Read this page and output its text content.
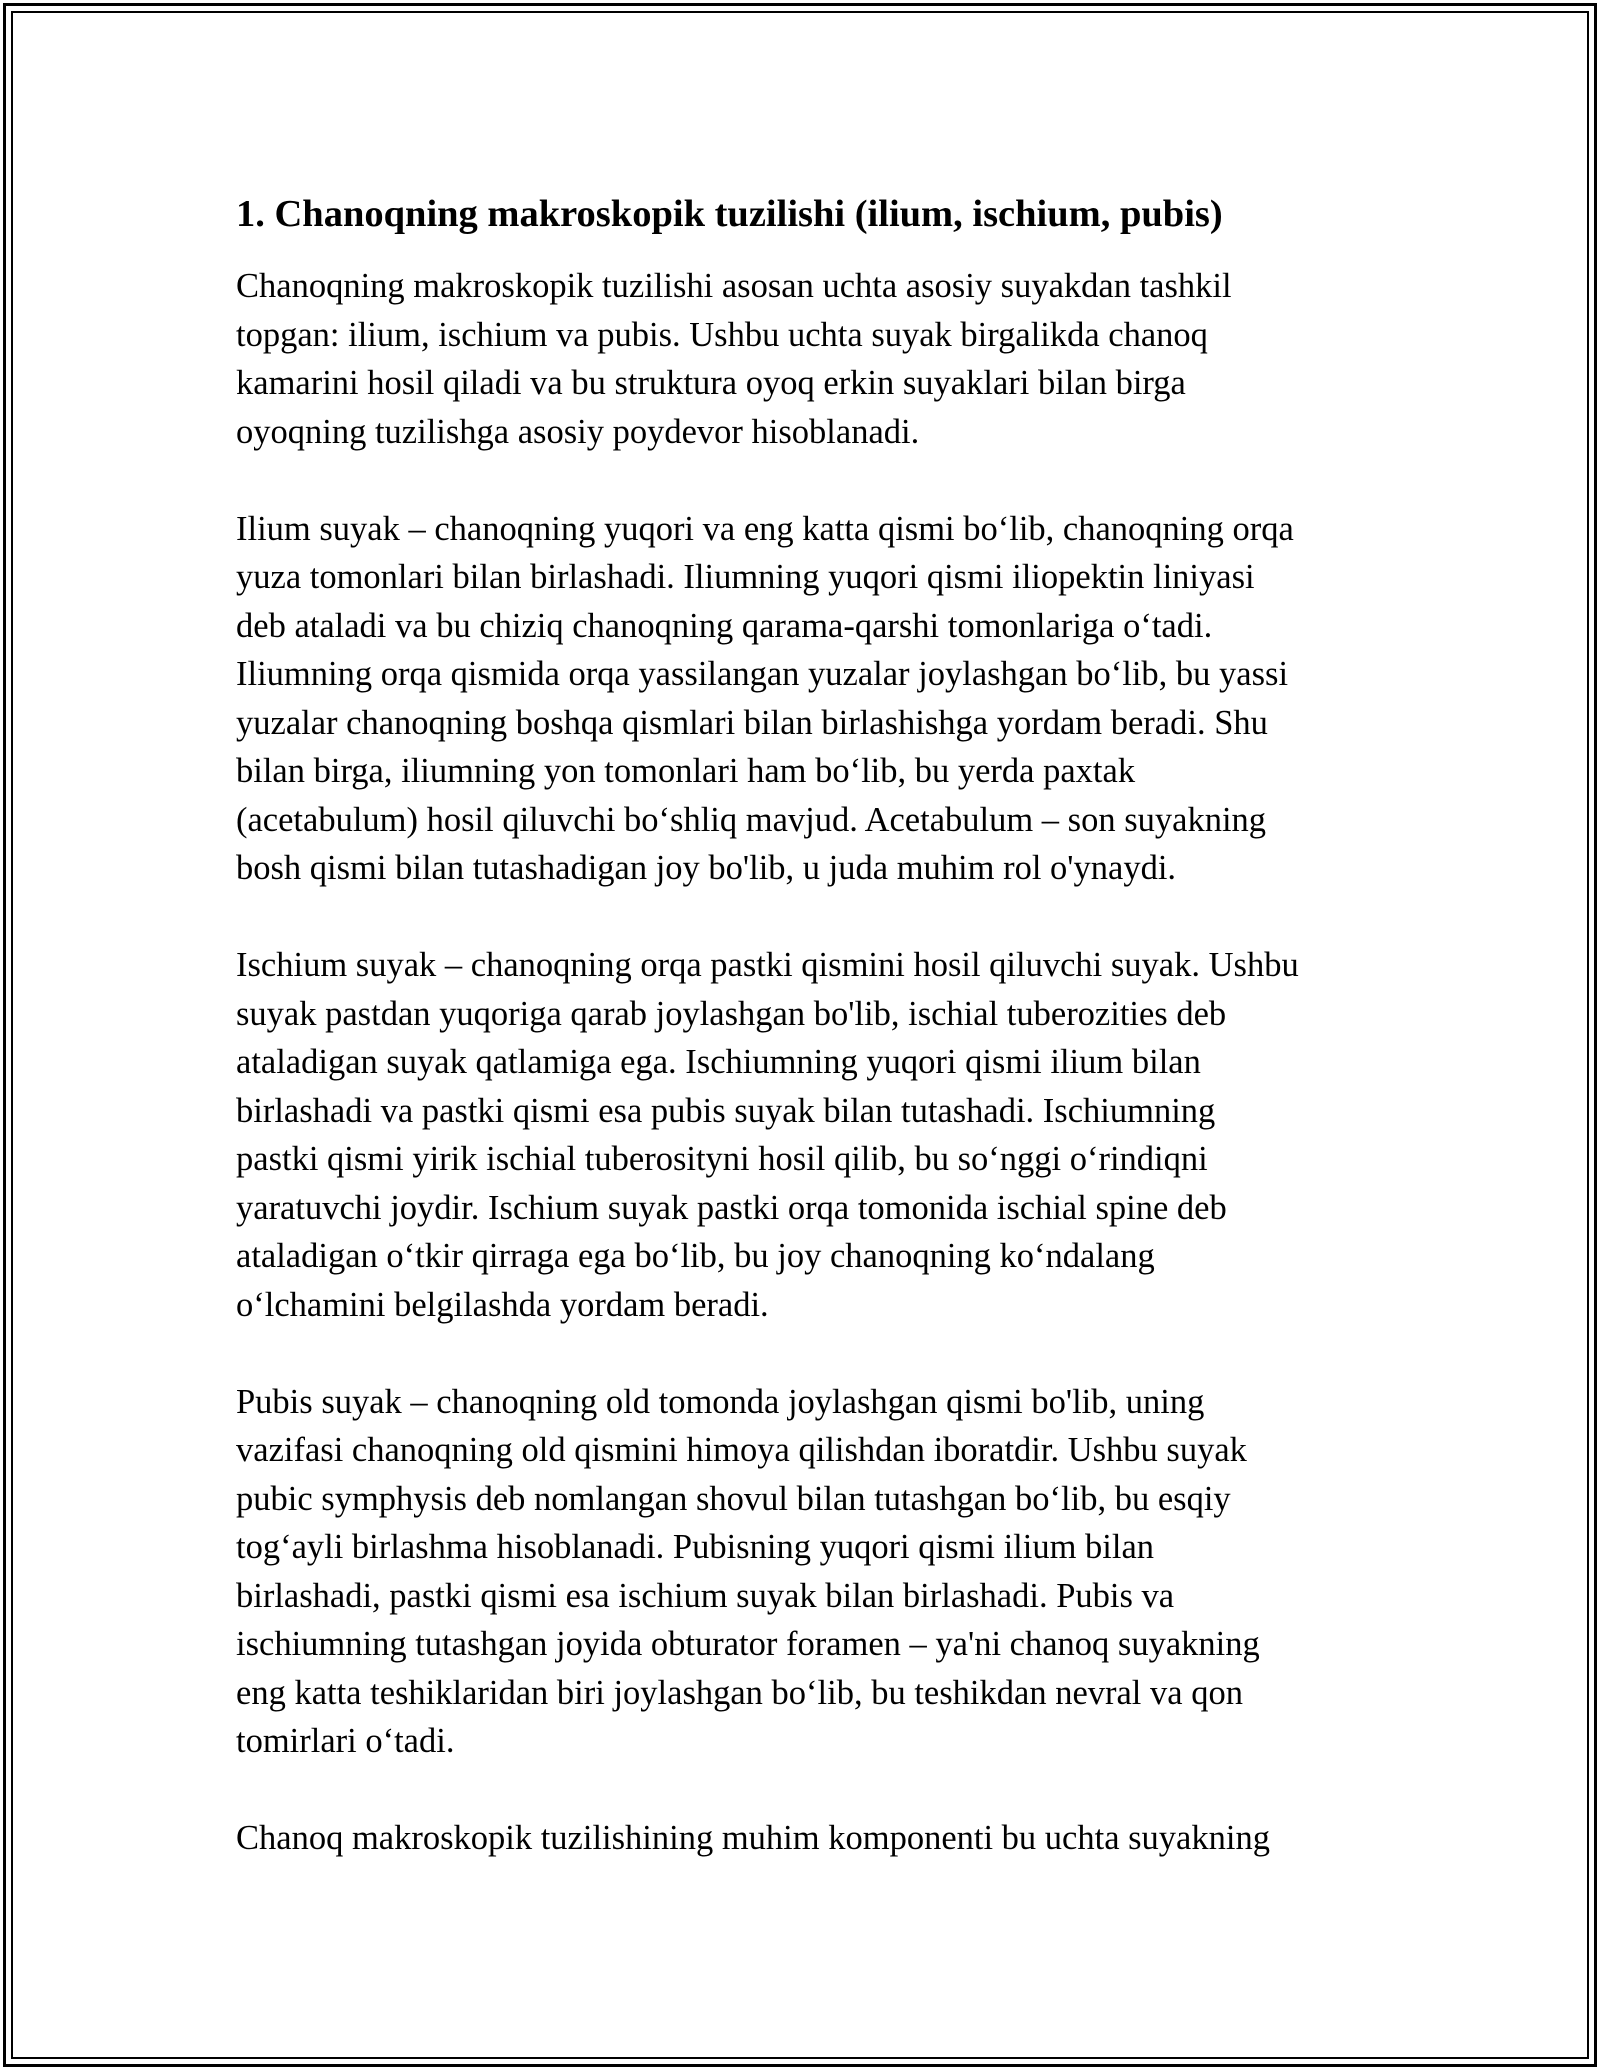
1. Chanoqning makroskopik tuzilishi (ilium, ischium, pubis)

Chanoqning makroskopik tuzilishi asosan uchta asosiy suyakdan tashkil
topgan: ilium, ischium va pubis. Ushbu uchta suyak birgalikda chanoq
kamarini hosil qiladi va bu struktura oyoq erkin suyaklari bilan birga
oyoqning tuzilishga asosiy poydevor hisoblanadi.

Ilium suyak – chanoqning yuqori va eng katta qismi boʻlib, chanoqning orqa
yuza tomonlari bilan birlashadi. Iliumning yuqori qismi iliopektin liniyasi
deb ataladi va bu chiziq chanoqning qarama-qarshi tomonlariga oʻtadi.
Iliumning orqa qismida orqa yassilangan yuzalar joylashgan boʻlib, bu yassi
yuzalar chanoqning boshqa qismlari bilan birlashishga yordam beradi. Shu
bilan birga, iliumning yon tomonlari ham boʻlib, bu yerda paxtak
(acetabulum) hosil qiluvchi boʻshliq mavjud. Acetabulum – son suyakning
bosh qismi bilan tutashadigan joy bo'lib, u juda muhim rol o'ynaydi.

Ischium suyak – chanoqning orqa pastki qismini hosil qiluvchi suyak. Ushbu
suyak pastdan yuqoriga qarab joylashgan bo'lib, ischial tuberozities deb
ataladigan suyak qatlamiga ega. Ischiumning yuqori qismi ilium bilan
birlashadi va pastki qismi esa pubis suyak bilan tutashadi. Ischiumning
pastki qismi yirik ischial tuberosityni hosil qilib, bu soʻnggi oʻrindiqni
yaratuvchi joydir. Ischium suyak pastki orqa tomonida ischial spine deb
ataladigan oʻtkir qirraga ega boʻlib, bu joy chanoqning koʻndalang
oʻlchamini belgilashda yordam beradi.

Pubis suyak – chanoqning old tomonda joylashgan qismi bo'lib, uning
vazifasi chanoqning old qismini himoya qilishdan iboratdir. Ushbu suyak
pubic symphysis deb nomlangan shovul bilan tutashgan boʻlib, bu esqiy
togʻayli birlashma hisoblanadi. Pubisning yuqori qismi ilium bilan
birlashadi, pastki qismi esa ischium suyak bilan birlashadi. Pubis va
ischiumning tutashgan joyida obturator foramen – ya'ni chanoq suyakning
eng katta teshiklaridan biri joylashgan boʻlib, bu teshikdan nevral va qon
tomirlari oʻtadi.

Chanoq makroskopik tuzilishining muhim komponenti bu uchta suyakning
